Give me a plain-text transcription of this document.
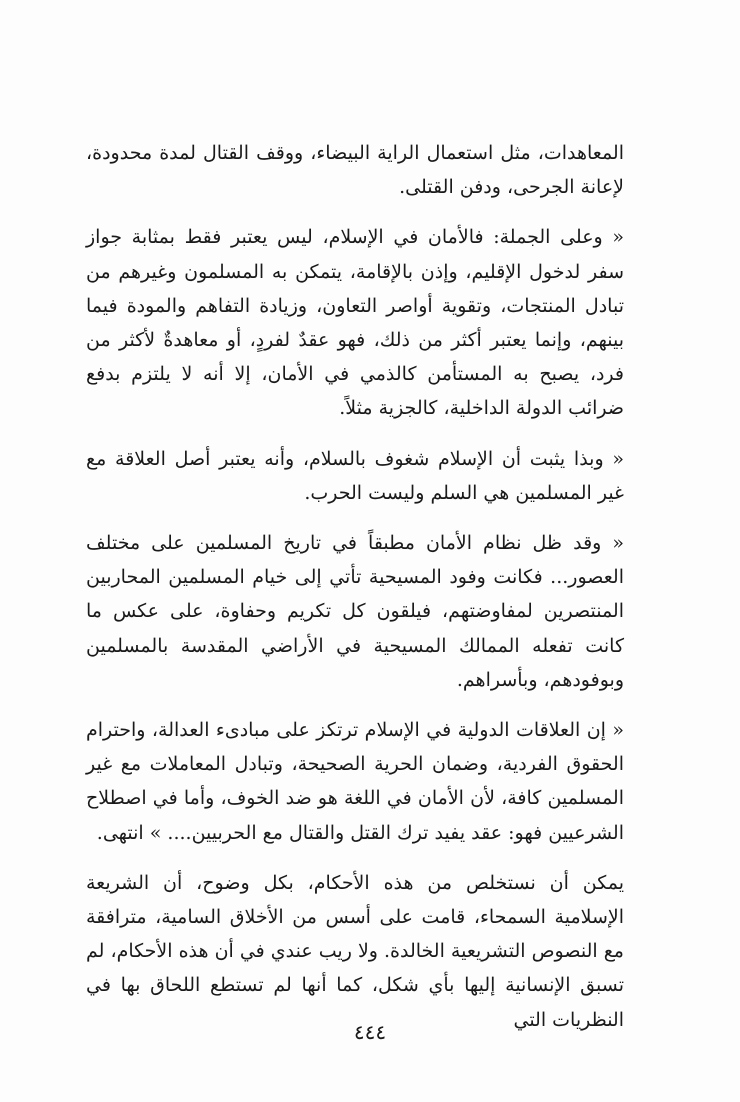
المعاهدات، مثل استعمال الراية البيضاء، ووقف القتال لمدة محدودة، لإعانة الجرحى، ودفن القتلى.

« وعلى الجملة: فالأمان في الإسلام، ليس يعتبر فقط بمثابة جواز سفر لدخول الإقليم، وإذن بالإقامة، يتمكن به المسلمون وغيرهم من تبادل المنتجات، وتقوية أواصر التعاون، وزيادة التفاهم والمودة فيما بينهم، وإنما يعتبر أكثر من ذلك، فهو عقدٌ لفردٍ، أو معاهدةٌ لأكثر من فرد، يصبح به المستأمن كالذمي في الأمان، إلا أنه لا يلتزم بدفع ضرائب الدولة الداخلية، كالجزية مثلاً.

« وبذا يثبت أن الإسلام شغوف بالسلام، وأنه يعتبر أصل العلاقة مع غير المسلمين هي السلم وليست الحرب.

« وقد ظل نظام الأمان مطبقاً في تاريخ المسلمين على مختلف العصور... فكانت وفود المسيحية تأتي إلى خيام المسلمين المحاربين المنتصرين لمفاوضتهم، فيلقون كل تكريم وحفاوة، على عكس ما كانت تفعله الممالك المسيحية في الأراضي المقدسة بالمسلمين وبوفودهم، وبأسراهم.

« إن العلاقات الدولية في الإسلام ترتكز على مبادىء العدالة، واحترام الحقوق الفردية، وضمان الحرية الصحيحة، وتبادل المعاملات مع غير المسلمين كافة، لأن الأمان في اللغة هو ضد الخوف، وأما في اصطلاح الشرعيين فهو: عقد يفيد ترك القتل والقتال مع الحربيين.... » انتهى.

يمكن أن نستخلص من هذه الأحكام، بكل وضوح، أن الشريعة الإسلامية السمحاء، قامت على أسس من الأخلاق السامية، مترافقة مع النصوص التشريعية الخالدة. ولا ريب عندي في أن هذه الأحكام، لم تسبق الإنسانية إليها بأي شكل، كما أنها لم تستطع اللحاق بها في النظريات التي

٤٤٤
